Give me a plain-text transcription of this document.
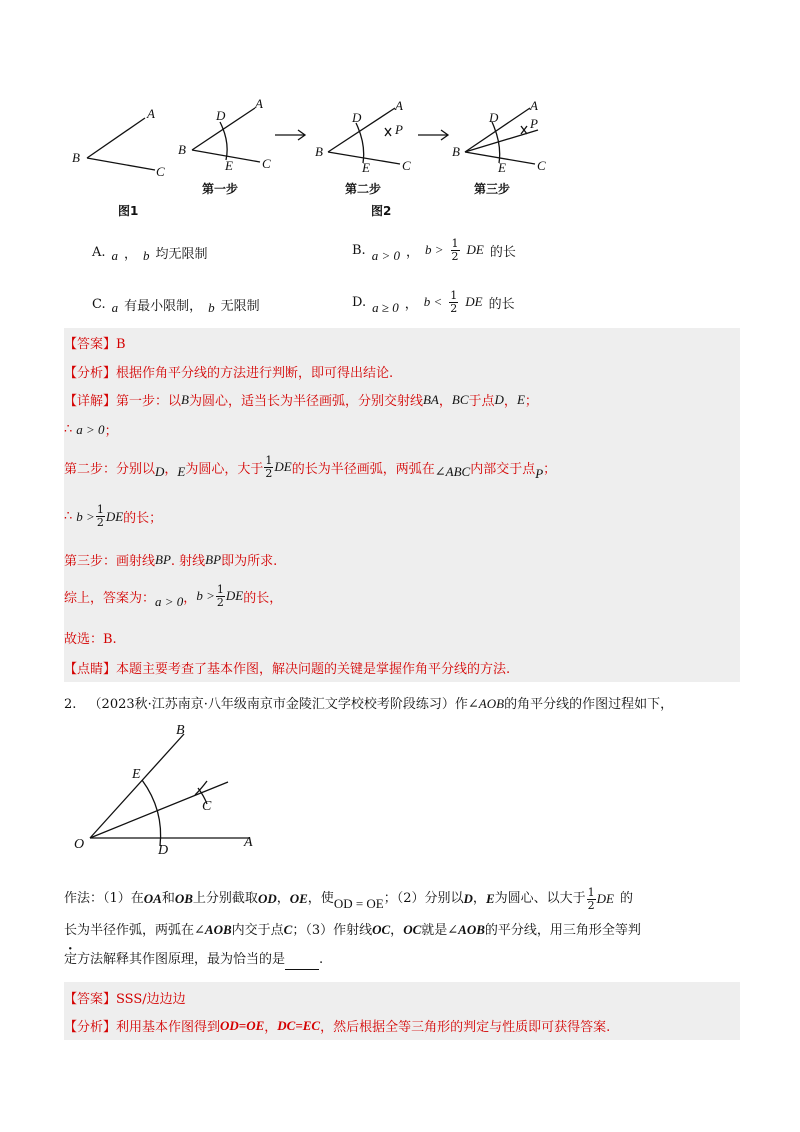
A
B
C
D
A
B
E C
D
A
P
B
E C
D
A
P
B
E C
第一步	第二步	第三步
图1	图2
A. a ， b 均无限制	B. a > 0 ， $b > \frac{1}{2}$ DE 的长
C. a 有最小限制， b 无限制	D. a ≥ 0 ， $b < \frac{1}{2}$ DE 的长
【答案】B
【分析】根据作角平分线的方法进行判断，即可得出结论.
【详解】第一步：以 B 为圆心，适当长为半径画弧，分别交射线 BA ， BC 于点 D ， E ；
∴ a > 0 ；
第二步：分别以 D ， E 为圆心，大于 $\frac{1}{2}$ DE 的长为半径画弧，两弧在 ∠ABC 内部交于点 P ；
∴ $b > \frac{1}{2}$ DE 的长；
第三步：画射线 BP . 射线 BP 即为所求.
综上，答案为： a > 0 ， $b > \frac{1}{2}$ DE 的长，
故选：B.
【点睛】本题主要考查了基本作图，解决问题的关键是掌握作角平分线的方法.
2. （2023秋·江苏南京·八年级南京市金陵汇文学校校考阶段练习）作∠AOB的角平分线的作图过程如下，
B
E
C
O	D
A
作法：（1）在 OA 和 OB 上分别截取 OD ， OE ，使 OD = OE ；（2）分别以 D ， E 为圆心、以大于 $\frac{1}{2}$ DE 的
长为半径作弧，两弧在∠AOB内交于点C；（3）作射线OC，OC就是∠AOB的平分线，用三角形全等判
定方法解释其作图原理，最为恰当的是	.
【答案】SSS/边边边
【分析】利用基本作图得到 OD=OE ， DC=EC ，然后根据全等三角形的判定与性质即可获得答案.
